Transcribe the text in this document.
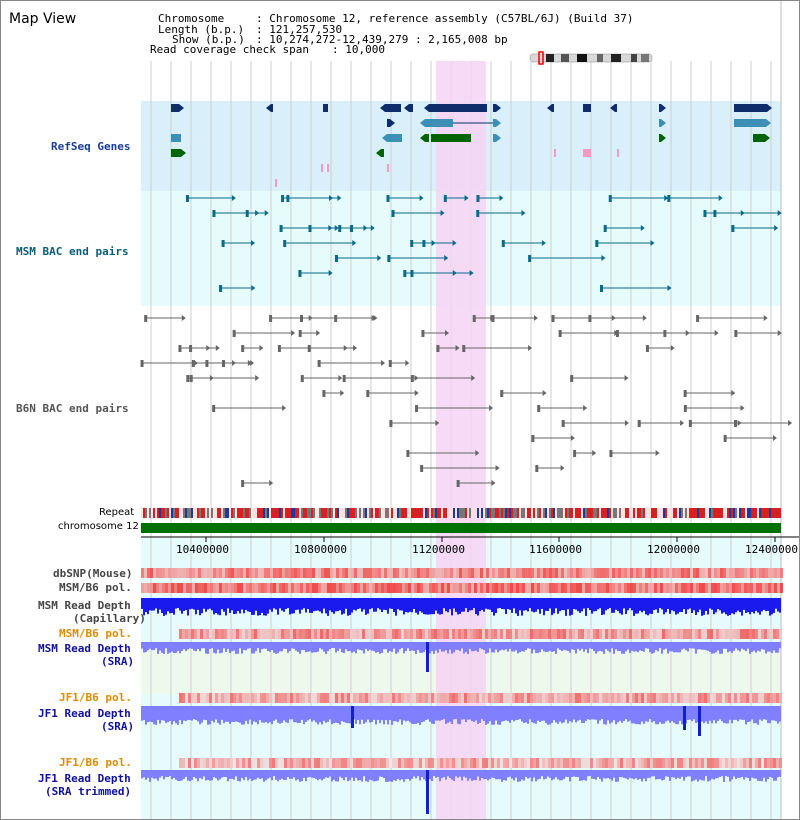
Map View	Chromosome	: Chromosome 12, reference assembly (C57BL/6J) (Build 37)
Length (b.p.) : 121,257,530
Show (b.p.) : 10,274,272-12,439,279 : 2,165,008 bp
Read coverage check span : 10,000
RefSeq Genes
MSM BAC end pairs
B6N BAC end pairs
Repeat
chromosome 12
dbSNP(Mouse)
MSM/B6 pol.
MSM Read Depth
(Capillary)
MSM/B6 pol.
MSM Read Depth
(SRA)
JF1/B6 pol.
JF1 Read Depth
(SRA)
JF1/B6 pol.
JF1 Read Depth
(SRA trimmed)
10400000	10800000	11200000	11600000	12000000	12400000
